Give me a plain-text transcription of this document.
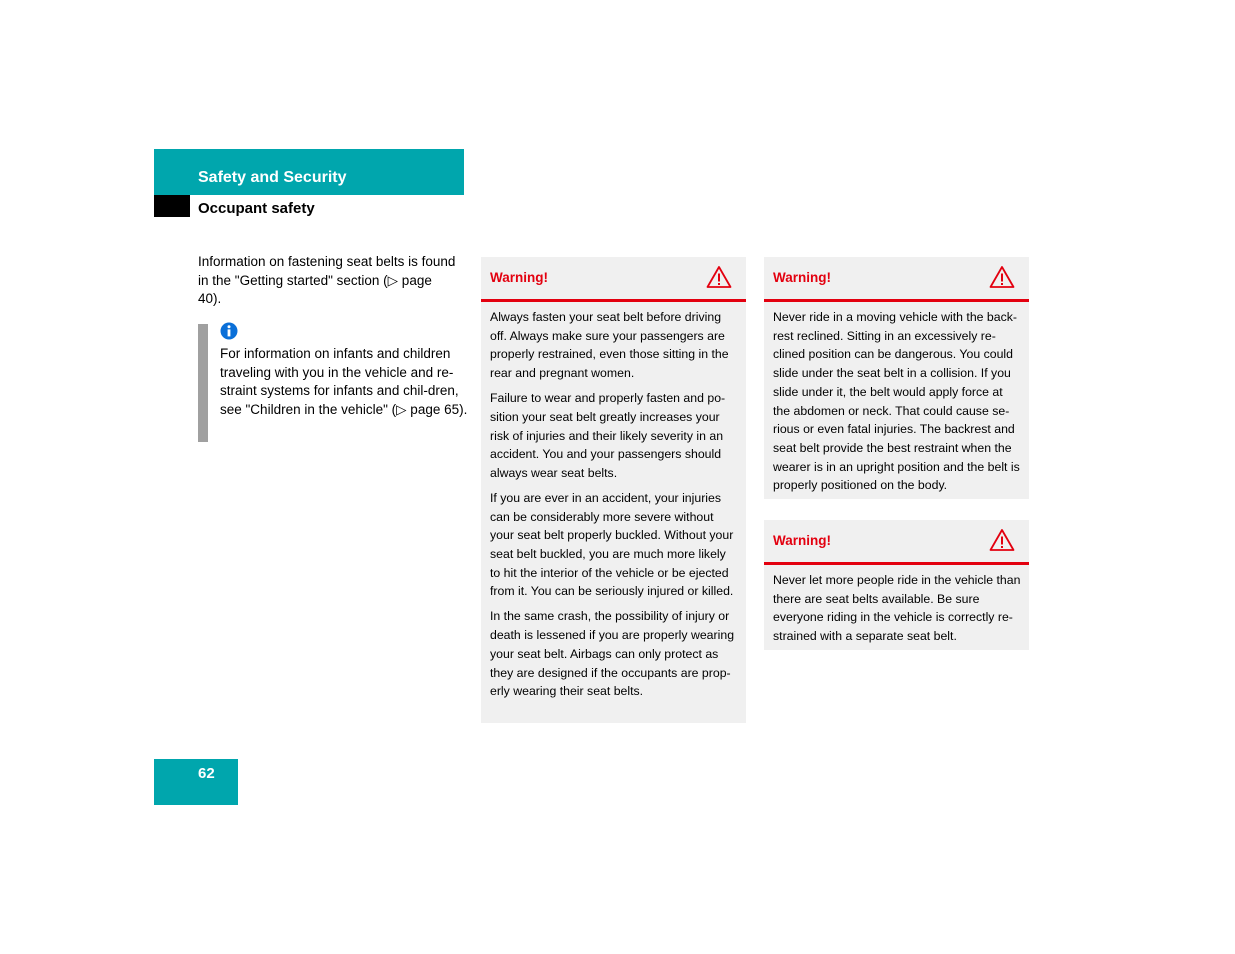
Safety and Security
Occupant safety

Information on fastening seat belts is found in the "Getting started" section (▷ page 40).

For information on infants and children traveling with you in the vehicle and re-straint systems for infants and chil-dren, see "Children in the vehicle" (▷ page 65).

Warning!

Always fasten your seat belt before driving off. Always make sure your passengers are properly restrained, even those sitting in the rear and pregnant women.

Failure to wear and properly fasten and po-sition your seat belt greatly increases your risk of injuries and their likely severity in an accident. You and your passengers should always wear seat belts.

If you are ever in an accident, your injuries can be considerably more severe without your seat belt properly buckled. Without your seat belt buckled, you are much more likely to hit the interior of the vehicle or be ejected from it. You can be seriously injured or killed.

In the same crash, the possibility of injury or death is lessened if you are properly wearing your seat belt. Airbags can only protect as they are designed if the occupants are prop-erly wearing their seat belts.

Warning!

Never ride in a moving vehicle with the back-rest reclined. Sitting in an excessively re-clined position can be dangerous. You could slide under the seat belt in a collision. If you slide under it, the belt would apply force at the abdomen or neck. That could cause se-rious or even fatal injuries. The backrest and seat belt provide the best restraint when the wearer is in an upright position and the belt is properly positioned on the body.

Warning!

Never let more people ride in the vehicle than there are seat belts available. Be sure everyone riding in the vehicle is correctly re-strained with a separate seat belt.

62
